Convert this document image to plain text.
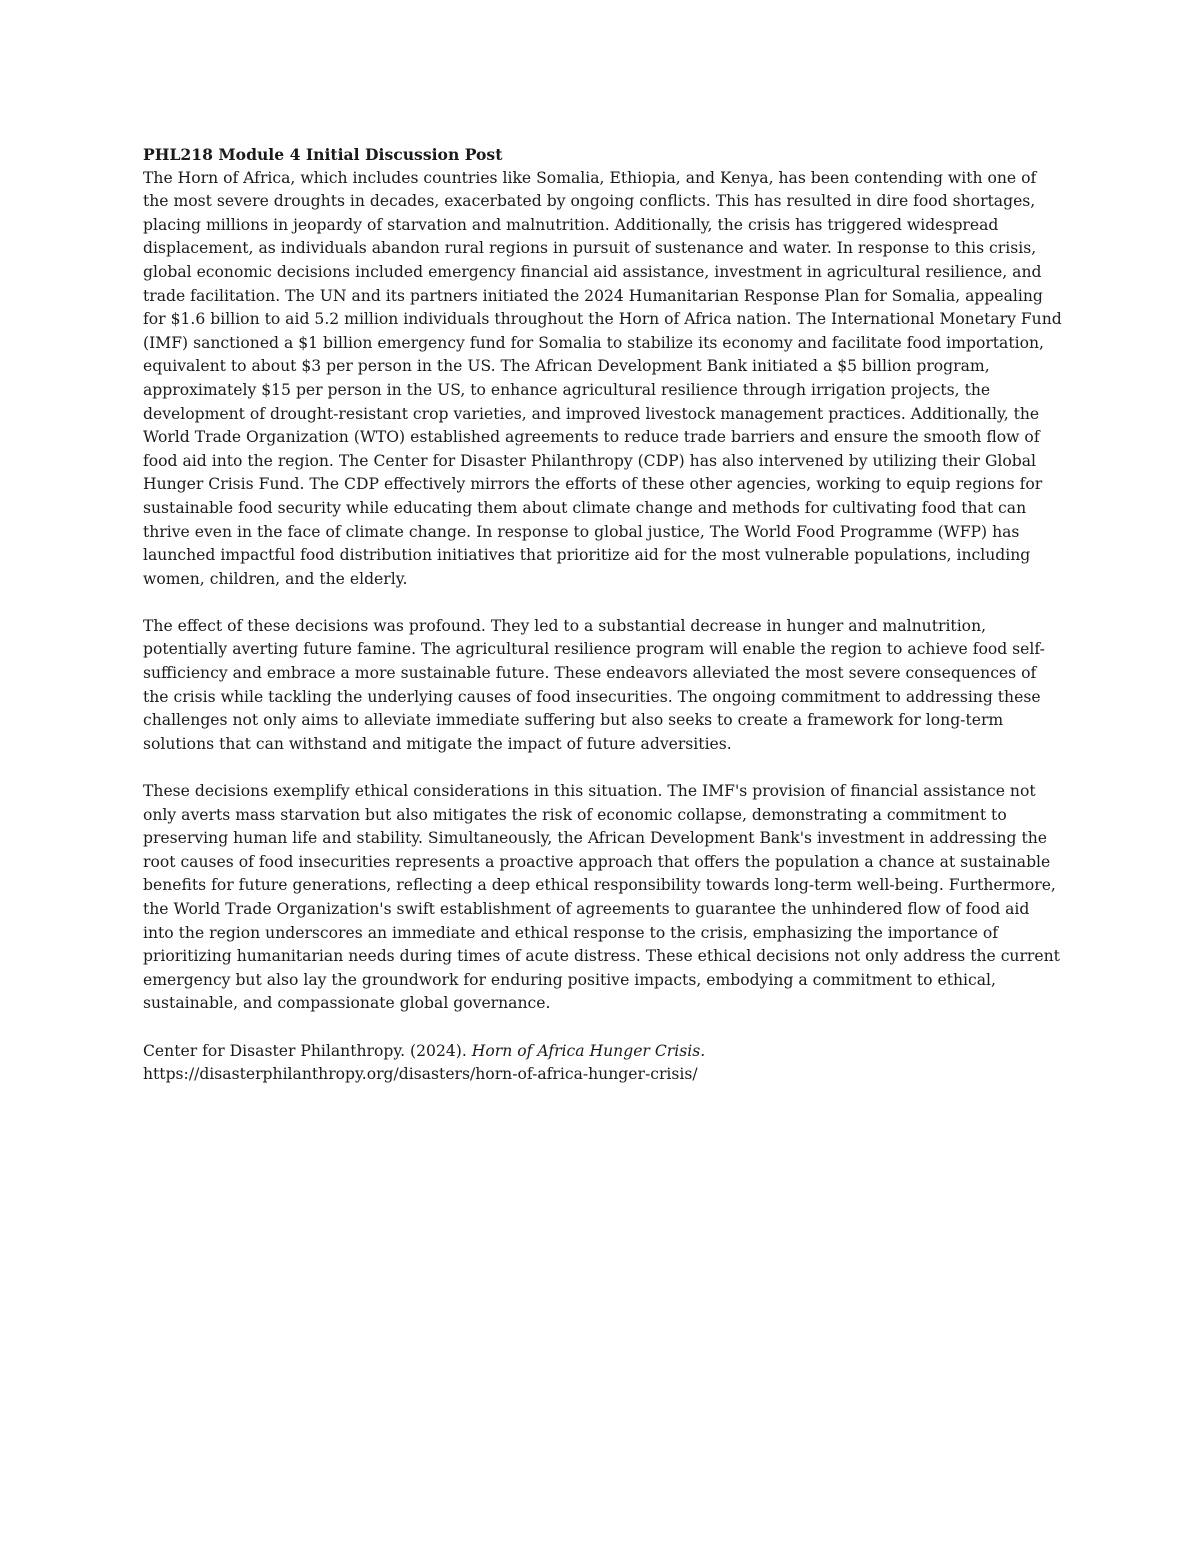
PHL218 Module 4 Initial Discussion Post

The Horn of Africa, which includes countries like Somalia, Ethiopia, and Kenya, has been contending with one of the most severe droughts in decades, exacerbated by ongoing conflicts. This has resulted in dire food shortages, placing millions in jeopardy of starvation and malnutrition. Additionally, the crisis has triggered widespread displacement, as individuals abandon rural regions in pursuit of sustenance and water. In response to this crisis, global economic decisions included emergency financial aid assistance, investment in agricultural resilience, and trade facilitation. The UN and its partners initiated the 2024 Humanitarian Response Plan for Somalia, appealing for $1.6 billion to aid 5.2 million individuals throughout the Horn of Africa nation. The International Monetary Fund (IMF) sanctioned a $1 billion emergency fund for Somalia to stabilize its economy and facilitate food importation, equivalent to about $3 per person in the US. The African Development Bank initiated a $5 billion program, approximately $15 per person in the US, to enhance agricultural resilience through irrigation projects, the development of drought-resistant crop varieties, and improved livestock management practices. Additionally, the World Trade Organization (WTO) established agreements to reduce trade barriers and ensure the smooth flow of food aid into the region. The Center for Disaster Philanthropy (CDP) has also intervened by utilizing their Global Hunger Crisis Fund. The CDP effectively mirrors the efforts of these other agencies, working to equip regions for sustainable food security while educating them about climate change and methods for cultivating food that can thrive even in the face of climate change. In response to global justice, The World Food Programme (WFP) has launched impactful food distribution initiatives that prioritize aid for the most vulnerable populations, including women, children, and the elderly.

The effect of these decisions was profound. They led to a substantial decrease in hunger and malnutrition, potentially averting future famine. The agricultural resilience program will enable the region to achieve food self-sufficiency and embrace a more sustainable future. These endeavors alleviated the most severe consequences of the crisis while tackling the underlying causes of food insecurities. The ongoing commitment to addressing these challenges not only aims to alleviate immediate suffering but also seeks to create a framework for long-term solutions that can withstand and mitigate the impact of future adversities.

These decisions exemplify ethical considerations in this situation. The IMF's provision of financial assistance not only averts mass starvation but also mitigates the risk of economic collapse, demonstrating a commitment to preserving human life and stability. Simultaneously, the African Development Bank's investment in addressing the root causes of food insecurities represents a proactive approach that offers the population a chance at sustainable benefits for future generations, reflecting a deep ethical responsibility towards long-term well-being. Furthermore, the World Trade Organization's swift establishment of agreements to guarantee the unhindered flow of food aid into the region underscores an immediate and ethical response to the crisis, emphasizing the importance of prioritizing humanitarian needs during times of acute distress. These ethical decisions not only address the current emergency but also lay the groundwork for enduring positive impacts, embodying a commitment to ethical, sustainable, and compassionate global governance.

Center for Disaster Philanthropy. (2024). Horn of Africa Hunger Crisis.
https://disasterphilanthropy.org/disasters/horn-of-africa-hunger-crisis/
